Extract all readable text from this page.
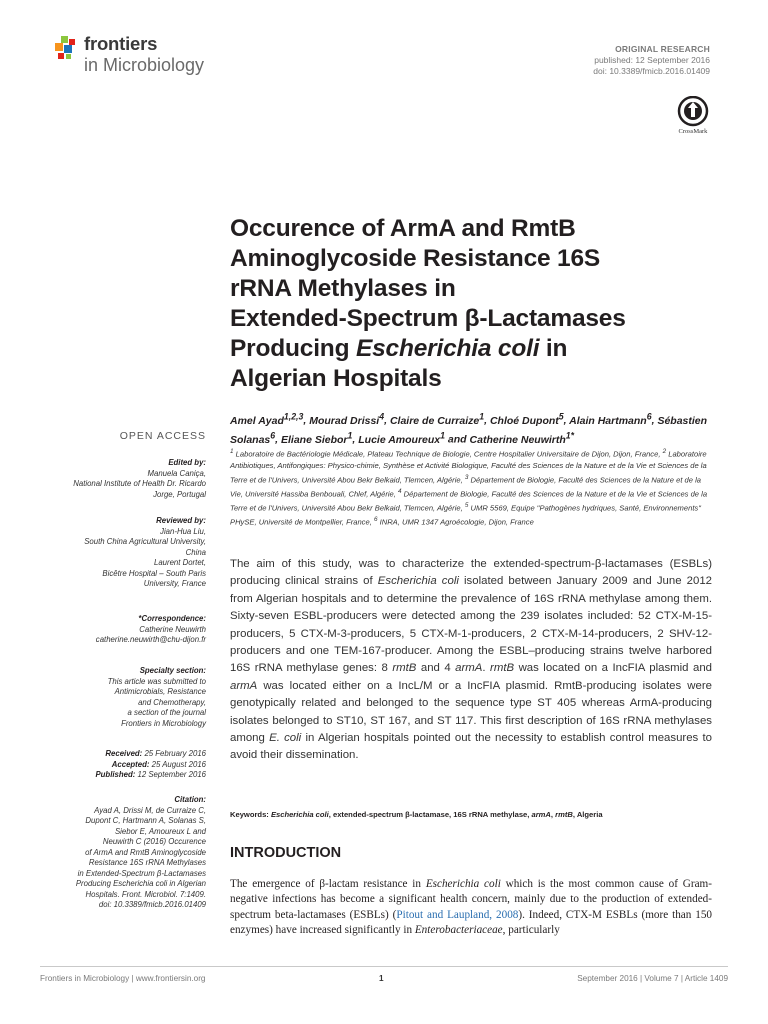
frontiers
in Microbiology
ORIGINAL RESEARCH
published: 12 September 2016
doi: 10.3389/fmicb.2016.01409
CrossMark
Occurence of ArmA and RmtB
Aminoglycoside Resistance 16S
rRNA Methylases in
Extended-Spectrum β-Lactamases
Producing Escherichia coli in
Algerian Hospitals
Amel Ayad$^{1,2,3}$, Mourad Drissi$^4$, Claire de Curraize$^1$, Chloé Dupont$^5$, Alain Hartmann$^6$, Sébastien Solanas$^6$, Eliane Siebor$^1$, Lucie Amoureux$^1$ and Catherine Neuwirth$^{1*}$
$^1$ Laboratoire de Bactériologie Médicale, Plateau Technique de Biologie, Centre Hospitalier Universitaire de Dijon, Dijon, France, $^2$ Laboratoire Antibiotiques, Antifongiques: Physico-chimie, Synthèse et Activité Biologique, Faculté des Sciences de la Nature et de la Vie et Sciences de la Terre et de l'Univers, Université Abou Bekr Belkaid, Tlemcen, Algérie, $^3$ Département de Biologie, Faculté des Sciences de la Nature et de la Vie, Université Hassiba Benbouali, Chlef, Algérie, $^4$ Département de Biologie, Faculté des Sciences de la Nature et de la Vie et Sciences de la Terre et de l'Univers, Université Abou Bekr Belkaid, Tlemcen, Algérie, $^5$ UMR 5569, Equipe "Pathogènes hydriques, Santé, Environnements" PHySE, Université de Montpellier, France, $^6$ INRA, UMR 1347 Agroécologie, Dijon, France
OPEN ACCESS
Edited by:
Manuela Caniça,
National Institute of Health Dr. Ricardo
Jorge, Portugal
Reviewed by:
Jian-Hua Liu,
South China Agricultural University,
China
Laurent Dortet,
Bicêtre Hospital – South Paris
University, France
*Correspondence:
Catherine Neuwirth
catherine.neuwirth@chu-dijon.fr
Specialty section:
This article was submitted to
Antimicrobials, Resistance
and Chemotherapy,
a section of the journal
Frontiers in Microbiology
Received: 25 February 2016
Accepted: 25 August 2016
Published: 12 September 2016
Citation:
Ayad A, Drissi M, de Curraize C,
Dupont C, Hartmann A, Solanas S,
Siebor E, Amoureux L and
Neuwirth C (2016) Occurence
of ArmA and RmtB Aminoglycoside
Resistance 16S rRNA Methylases
in Extended-Spectrum β-Lactamases
Producing Escherichia coli in Algerian
Hospitals. Front. Microbiol. 7:1409.
doi: 10.3389/fmicb.2016.01409
The aim of this study, was to characterize the extended-spectrum-β-lactamases (ESBLs) producing clinical strains of Escherichia coli isolated between January 2009 and June 2012 from Algerian hospitals and to determine the prevalence of 16S rRNA methylase among them. Sixty-seven ESBL-producers were detected among the 239 isolates included: 52 CTX-M-15-producers, 5 CTX-M-3-producers, 5 CTX-M-1-producers, 2 CTX-M-14-producers, 2 SHV-12-producers and one TEM-167-producer. Among the ESBL–producing strains twelve harbored 16S rRNA methylase genes: 8 rmtB and 4 armA. rmtB was located on a IncFIA plasmid and armA was located either on a IncL/M or a IncFIA plasmid. RmtB-producing isolates were genotypically related and belonged to the sequence type ST 405 whereas ArmA-producing isolates belonged to ST10, ST 167, and ST 117. This first description of 16S rRNA methylases among E. coli in Algerian hospitals pointed out the necessity to establish control measures to avoid their dissemination.
Keywords: Escherichia coli, extended-spectrum β-lactamase, 16S rRNA methylase, armA, rmtB, Algeria
INTRODUCTION
The emergence of β-lactam resistance in Escherichia coli which is the most common cause of Gram-negative infections has become a significant health concern, mainly due to the production of extended-spectrum beta-lactamases (ESBLs) (Pitout and Laupland, 2008). Indeed, CTX-M ESBLs (more than 150 enzymes) have increased significantly in Enterobacteriaceae, particularly
Frontiers in Microbiology | www.frontiersin.org	1	September 2016 | Volume 7 | Article 1409
